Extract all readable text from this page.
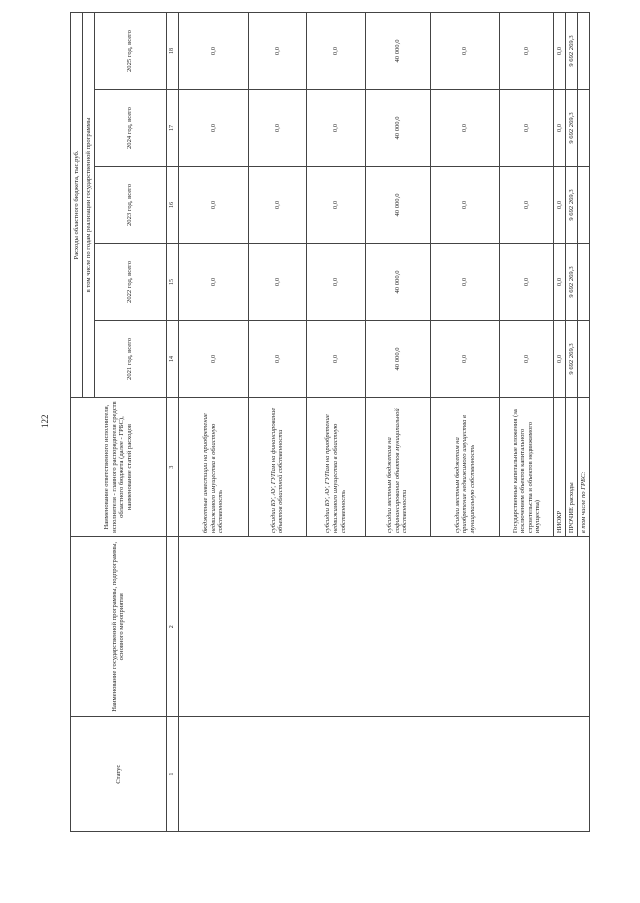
122
Статус	Наименование государственной программы, подпрограммы, основного мероприятия	Наименование ответственного исполнителя, исполнителя - главного распорядителя средств областного бюджета (далее - ГРБС), наименование статей расходов	Расходы областного бюджета, тыс.руб.				
			в том числе по годам реализации государственной программы				
			2021 год, всего	2022 год, всего	2023 год, всего	2024 год, всего	2025 год, всего
1	2	3	14	15	16	17	18
		бюджетные инвестиции на приобретение недвижимого имущества в областную собственность	0,0	0,0	0,0	0,0	0,0
		субсидии БУ, АУ, ГУПам на финансирование объектов областной собственности	0,0	0,0	0,0	0,0	0,0
		субсидии БУ, АУ, ГУПам на приобретение недвижимого имущества в областную собственность	0,0	0,0	0,0	0,0	0,0
		субсидии местным бюджетам на софинансирование объектов муниципальной собственности	40 000,0	40 000,0	40 000,0	40 000,0	40 000,0
		субсидии местным бюджетам на приобретение недвижимого имущества в муниципальную собственность	0,0	0,0	0,0	0,0	0,0
		Государственные капитальные вложения (за исключением объектов капитального строительства и объектов недвижимого имущества)	0,0	0,0	0,0	0,0	0,0
		НИОКР	0,0	0,0	0,0	0,0	0,0
		ПРОЧИЕ расходы	9 692 269,3	9 692 269,3	9 692 269,3	9 692 269,3	9 692 269,3
		в том числе по ГРБС:					
